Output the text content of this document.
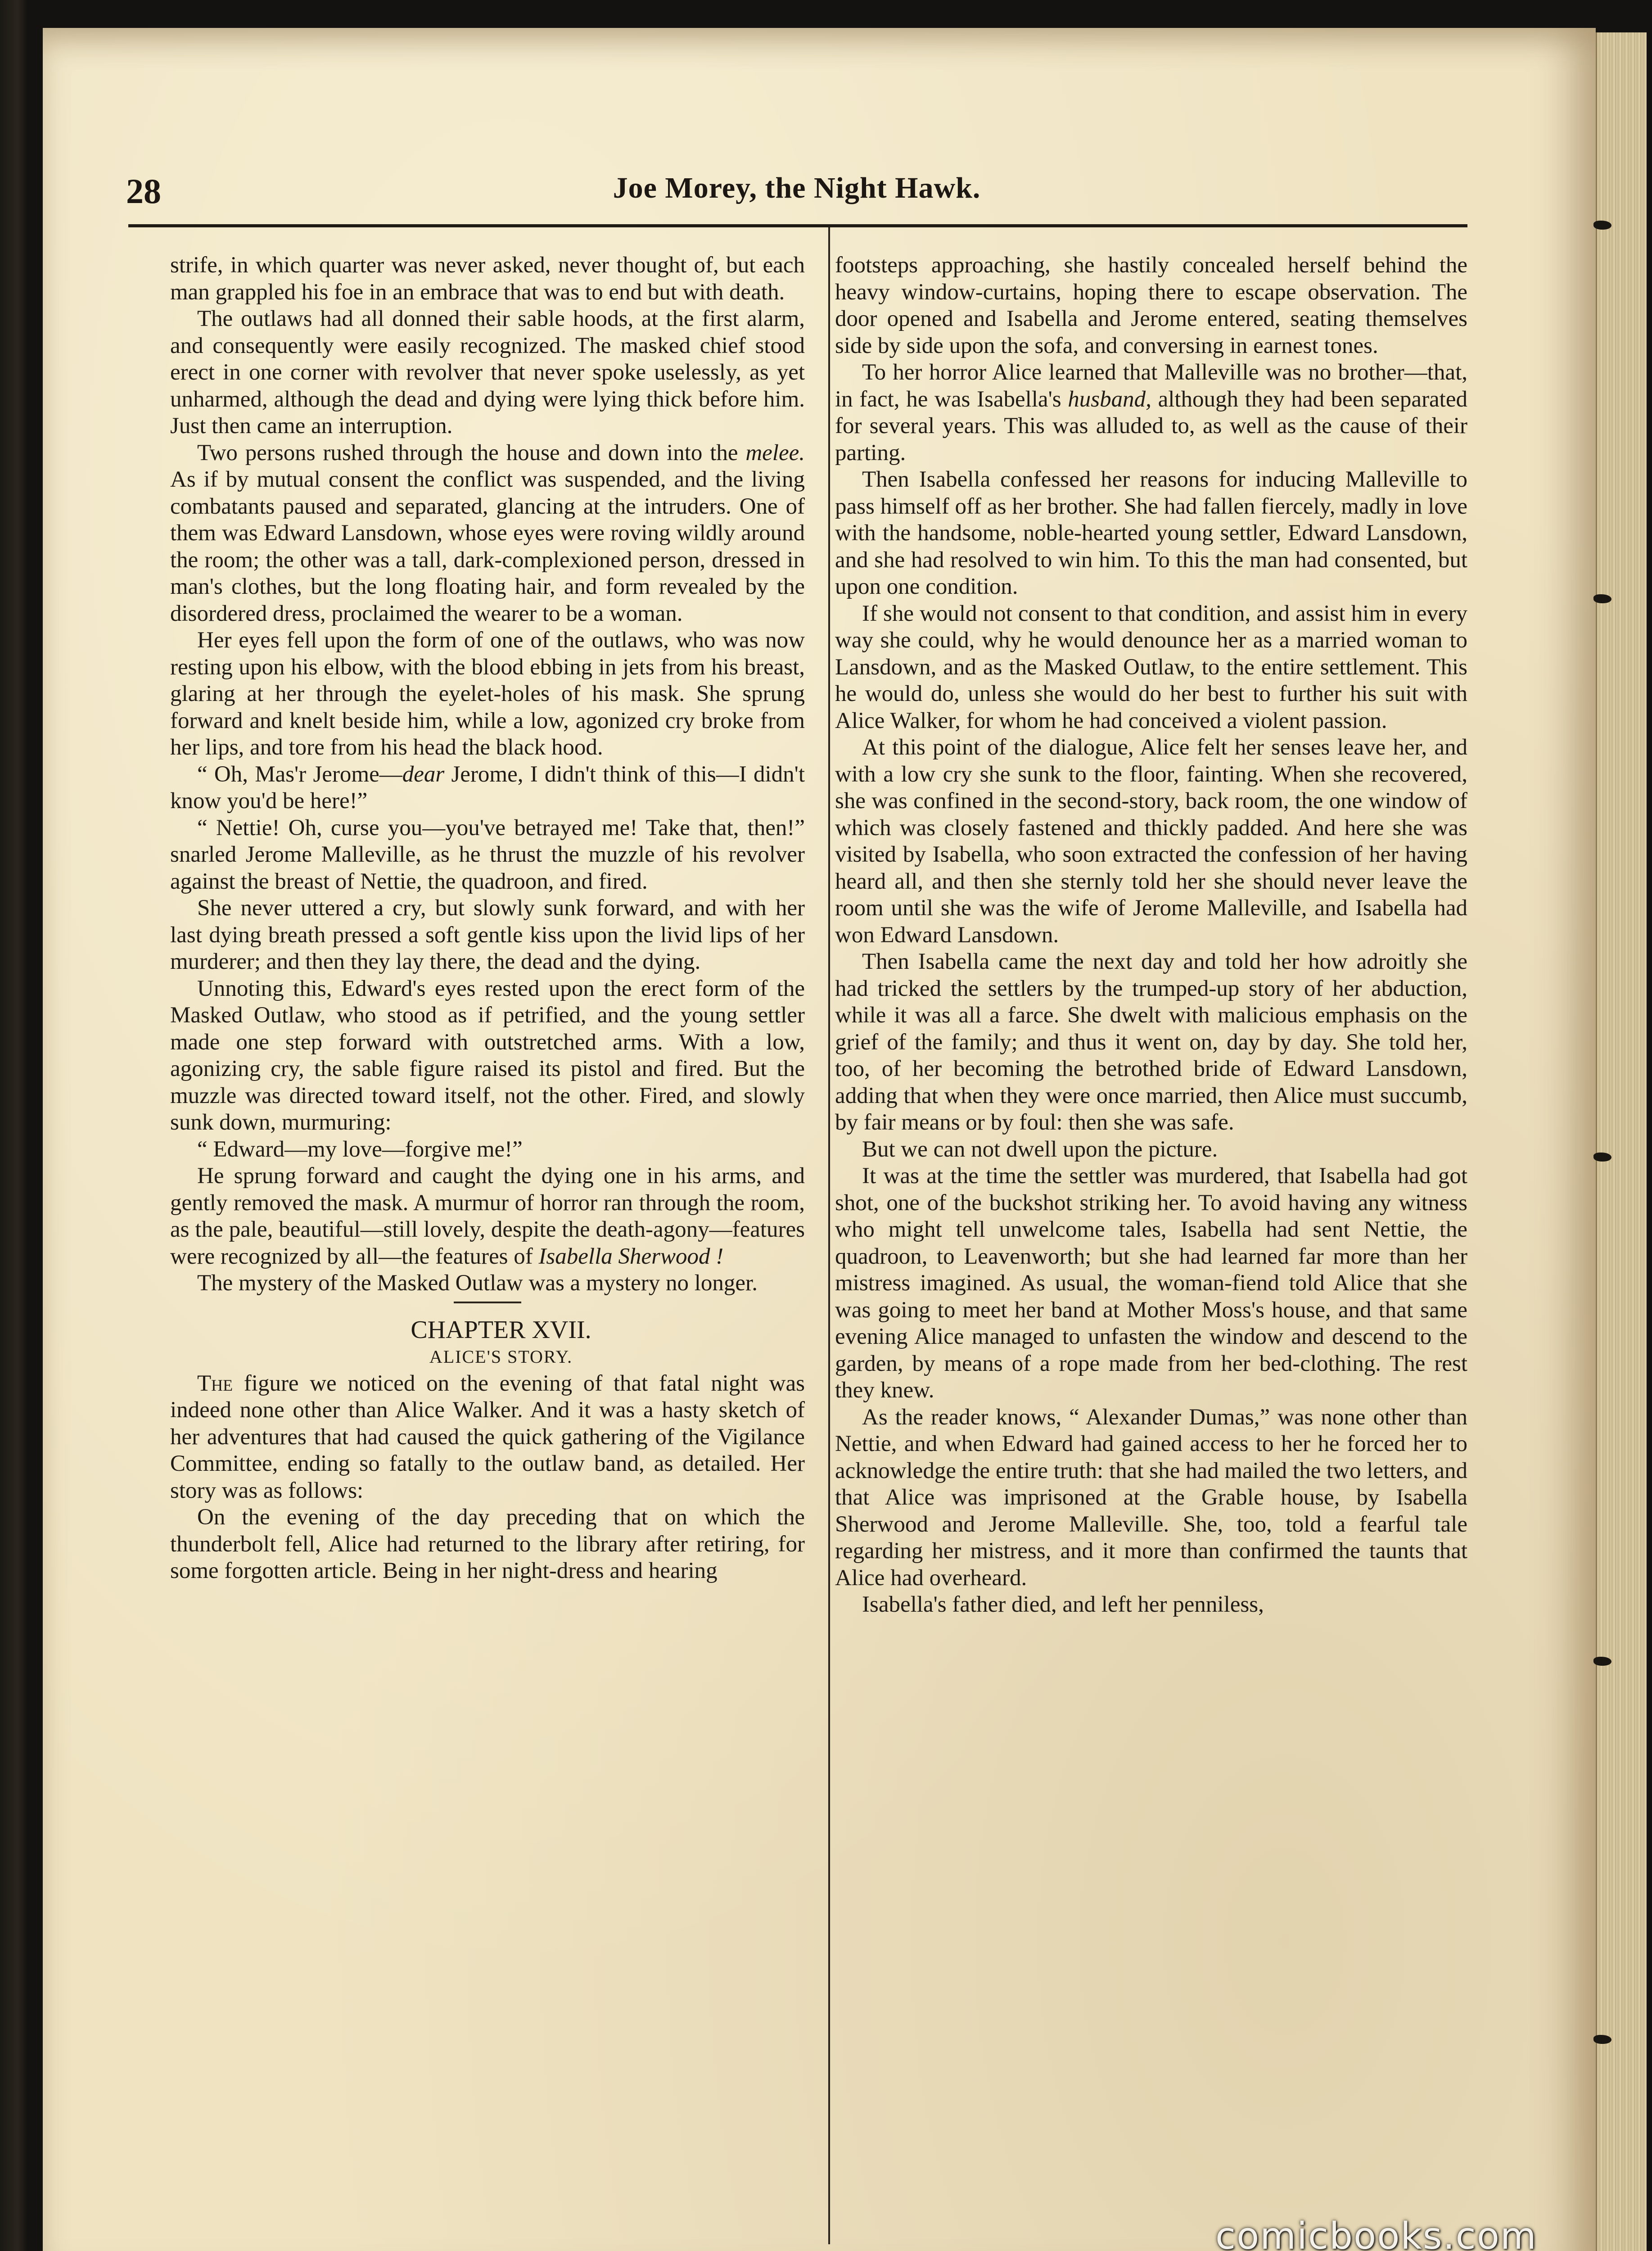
Joe Morey, the Night Hawk.
28

strife, in which quarter was never asked, never thought of, but each man grappled his foe in an embrace that was to end but with death.

The outlaws had all donned their sable hoods, at the first alarm, and consequently were easily recognized. The masked chief stood erect in one corner with revolver that never spoke uselessly, as yet unharmed, although the dead and dying were lying thick before him. Just then came an interruption.

Two persons rushed through the house and down into the melee. As if by mutual consent the conflict was suspended, and the living combatants paused and separated, glancing at the intruders. One of them was Edward Lansdown, whose eyes were roving wildly around the room; the other was a tall, dark-complexioned person, dressed in man's clothes, but the long floating hair, and form revealed by the disordered dress, proclaimed the wearer to be a woman.

Her eyes fell upon the form of one of the outlaws, who was now resting upon his elbow, with the blood ebbing in jets from his breast, glaring at her through the eyelet-holes of his mask. She sprung forward and knelt beside him, while a low, agonized cry broke from her lips, and tore from his head the black hood.

“ Oh, Mas'r Jerome—dear Jerome, I didn't think of this—I didn't know you'd be here!”

“ Nettie! Oh, curse you—you've betrayed me! Take that, then!” snarled Jerome Malleville, as he thrust the muzzle of his revolver against the breast of Nettie, the quadroon, and fired.

She never uttered a cry, but slowly sunk forward, and with her last dying breath pressed a soft gentle kiss upon the livid lips of her murderer; and then they lay there, the dead and the dying.

Unnoting this, Edward's eyes rested upon the erect form of the Masked Outlaw, who stood as if petrified, and the young settler made one step forward with outstretched arms. With a low, agonizing cry, the sable figure raised its pistol and fired. But the muzzle was directed toward itself, not the other. Fired, and slowly sunk down, murmuring:

“ Edward—my love—forgive me!”

He sprung forward and caught the dying one in his arms, and gently removed the mask. A murmur of horror ran through the room, as the pale, beautiful—still lovely, despite the death-agony—features were recognized by all—the features of Isabella Sherwood !

The mystery of the Masked Outlaw was a mystery no longer.

CHAPTER XVII.

ALICE'S STORY.

The figure we noticed on the evening of that fatal night was indeed none other than Alice Walker. And it was a hasty sketch of her adventures that had caused the quick gathering of the Vigilance Committee, ending so fatally to the outlaw band, as detailed. Her story was as follows:

On the evening of the day preceding that on which the thunderbolt fell, Alice had returned to the library after retiring, for some forgotten article. Being in her night-dress and hearing

footsteps approaching, she hastily concealed herself behind the heavy window-curtains, hoping there to escape observation. The door opened and Isabella and Jerome entered, seating themselves side by side upon the sofa, and conversing in earnest tones.

To her horror Alice learned that Malleville was no brother—that, in fact, he was Isabella's husband, although they had been separated for several years. This was alluded to, as well as the cause of their parting.

Then Isabella confessed her reasons for inducing Malleville to pass himself off as her brother. She had fallen fiercely, madly in love with the handsome, noble-hearted young settler, Edward Lansdown, and she had resolved to win him. To this the man had consented, but upon one condition.

If she would not consent to that condition, and assist him in every way she could, why he would denounce her as a married woman to Lansdown, and as the Masked Outlaw, to the entire settlement. This he would do, unless she would do her best to further his suit with Alice Walker, for whom he had conceived a violent passion.

At this point of the dialogue, Alice felt her senses leave her, and with a low cry she sunk to the floor, fainting. When she recovered, she was confined in the second-story, back room, the one window of which was closely fastened and thickly padded. And here she was visited by Isabella, who soon extracted the confession of her having heard all, and then she sternly told her she should never leave the room until she was the wife of Jerome Malleville, and Isabella had won Edward Lansdown.

Then Isabella came the next day and told her how adroitly she had tricked the settlers by the trumped-up story of her abduction, while it was all a farce. She dwelt with malicious emphasis on the grief of the family; and thus it went on, day by day. She told her, too, of her becoming the betrothed bride of Edward Lansdown, adding that when they were once married, then Alice must succumb, by fair means or by foul: then she was safe.

But we can not dwell upon the picture.

It was at the time the settler was murdered, that Isabella had got shot, one of the buckshot striking her. To avoid having any witness who might tell unwelcome tales, Isabella had sent Nettie, the quadroon, to Leavenworth; but she had learned far more than her mistress imagined. As usual, the woman-fiend told Alice that she was going to meet her band at Mother Moss's house, and that same evening Alice managed to unfasten the window and descend to the garden, by means of a rope made from her bed-clothing. The rest they knew.

As the reader knows, “ Alexander Dumas,” was none other than Nettie, and when Edward had gained access to her he forced her to acknowledge the entire truth: that she had mailed the two letters, and that Alice was imprisoned at the Grable house, by Isabella Sherwood and Jerome Malleville. She, too, told a fearful tale regarding her mistress, and it more than confirmed the taunts that Alice had overheard.

Isabella's father died, and left her penniless,

comicbooks.com
